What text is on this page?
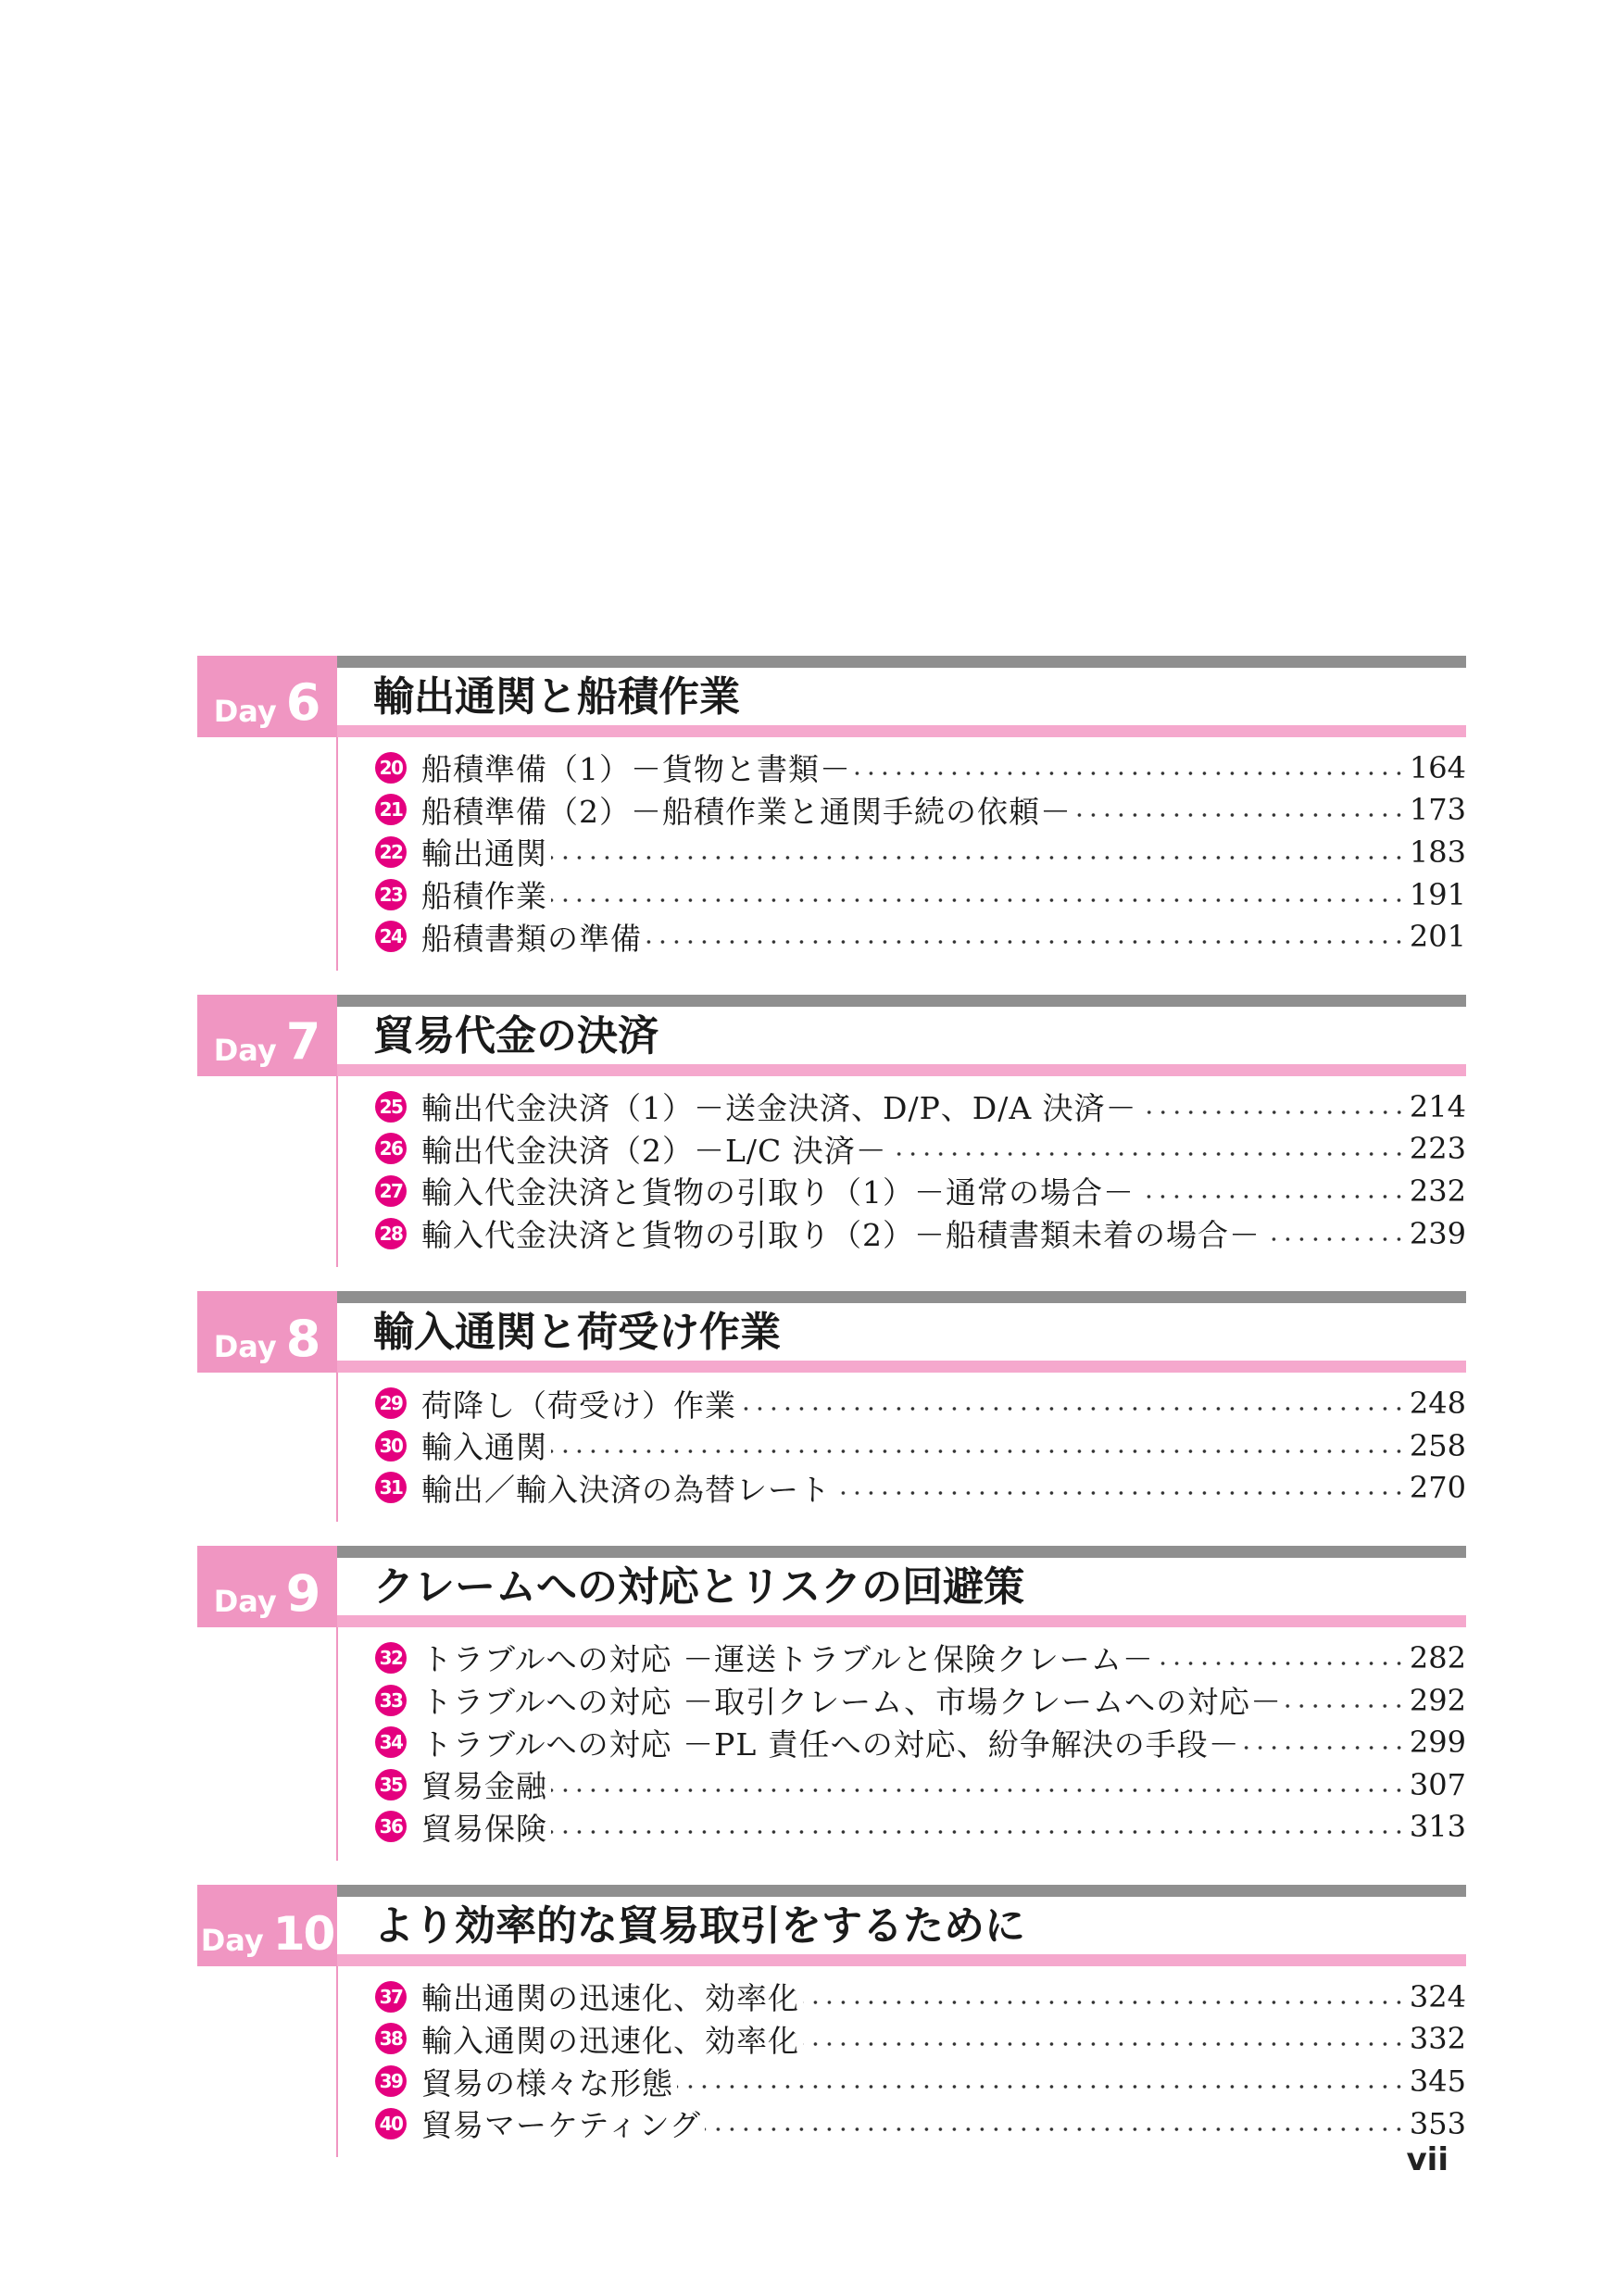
Day 6 輸出通関と船積作業
20 船積準備（1）－貨物と書類－	164
21 船積準備（2）－船積作業と通関手続の依頼－	173
22 輸出通関	183
23 船積作業	191
24 船積書類の準備	201
Day 7 貿易代金の決済
25 輸出代金決済（1）－送金決済、D/P、D/A 決済－	214
26 輸出代金決済（2）－L/C 決済－	223
27 輸入代金決済と貨物の引取り（1）－通常の場合－	232
28 輸入代金決済と貨物の引取り（2）－船積書類未着の場合－	239
Day 8 輸入通関と荷受け作業
29 荷降し（荷受け）作業	248
30 輸入通関	258
31 輸出／輸入決済の為替レート	270
Day 9 クレームへの対応とリスクの回避策
32 トラブルへの対応 －運送トラブルと保険クレーム－	282
33 トラブルへの対応 －取引クレーム、市場クレームへの対応－	292
34 トラブルへの対応 －PL 責任への対応、紛争解決の手段－	299
35 貿易金融	307
36 貿易保険	313
Day 10 より効率的な貿易取引をするために
37 輸出通関の迅速化、効率化	324
38 輸入通関の迅速化、効率化	332
39 貿易の様々な形態	345
40 貿易マーケティング	353
vii
